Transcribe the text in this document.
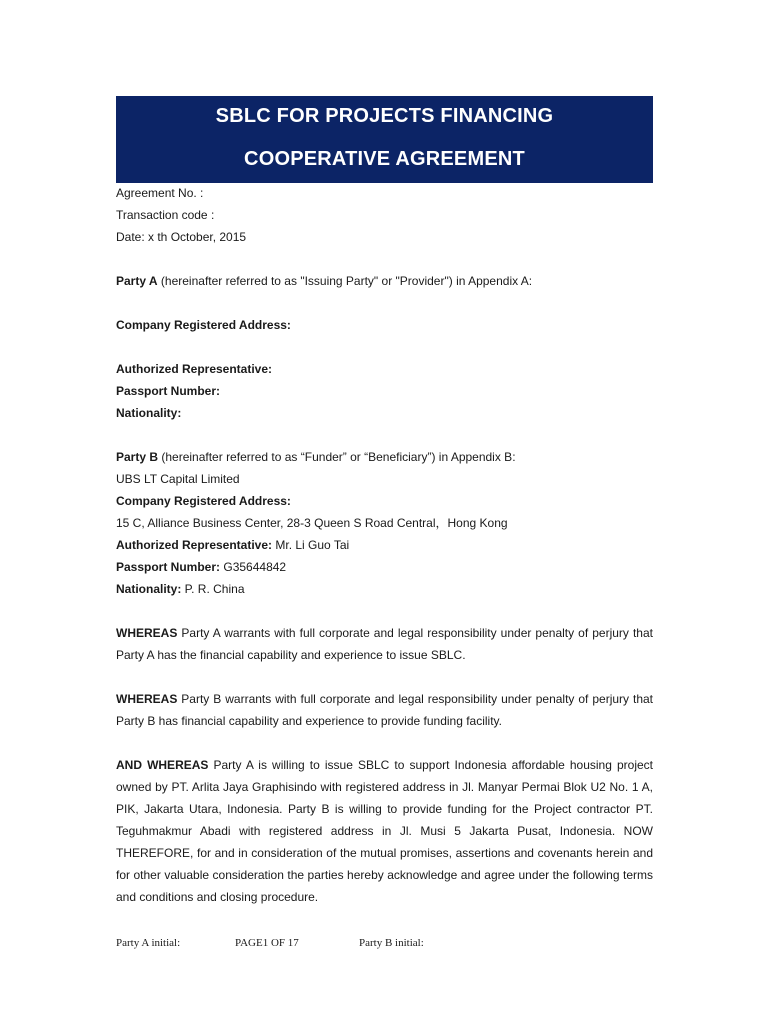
SBLC FOR PROJECTS FINANCING
COOPERATIVE AGREEMENT
Agreement No. :
Transaction code :
Date: x th October, 2015
Party A (hereinafter referred to as "Issuing Party" or "Provider") in Appendix A:
Company Registered Address:
Authorized Representative:
Passport Number:
Nationality:
Party B (hereinafter referred to as “Funder” or “Beneficiary”) in Appendix B:
UBS LT Capital Limited
Company Registered Address:
15 C, Alliance Business Center, 28-3 Queen S Road Central，Hong Kong
Authorized Representative: Mr. Li Guo Tai
Passport Number: G35644842
Nationality: P. R. China
WHEREAS Party A warrants with full corporate and legal responsibility under penalty of perjury that Party A has the financial capability and experience to issue SBLC.
WHEREAS Party B warrants with full corporate and legal responsibility under penalty of perjury that Party B has financial capability and experience to provide funding facility.
AND WHEREAS Party A is willing to issue SBLC to support Indonesia affordable housing project owned by PT. Arlita Jaya Graphisindo with registered address in Jl. Manyar Permai Blok U2 No. 1 A, PIK, Jakarta Utara, Indonesia. Party B is willing to provide funding for the Project contractor PT. Teguhmakmur Abadi with registered address in Jl. Musi 5 Jakarta Pusat, Indonesia. NOW THEREFORE, for and in consideration of the mutual promises, assertions and covenants herein and for other valuable consideration the parties hereby acknowledge and agree under the following terms and conditions and closing procedure.
Party A initial:	PAGE1 OF 17	Party B initial:
